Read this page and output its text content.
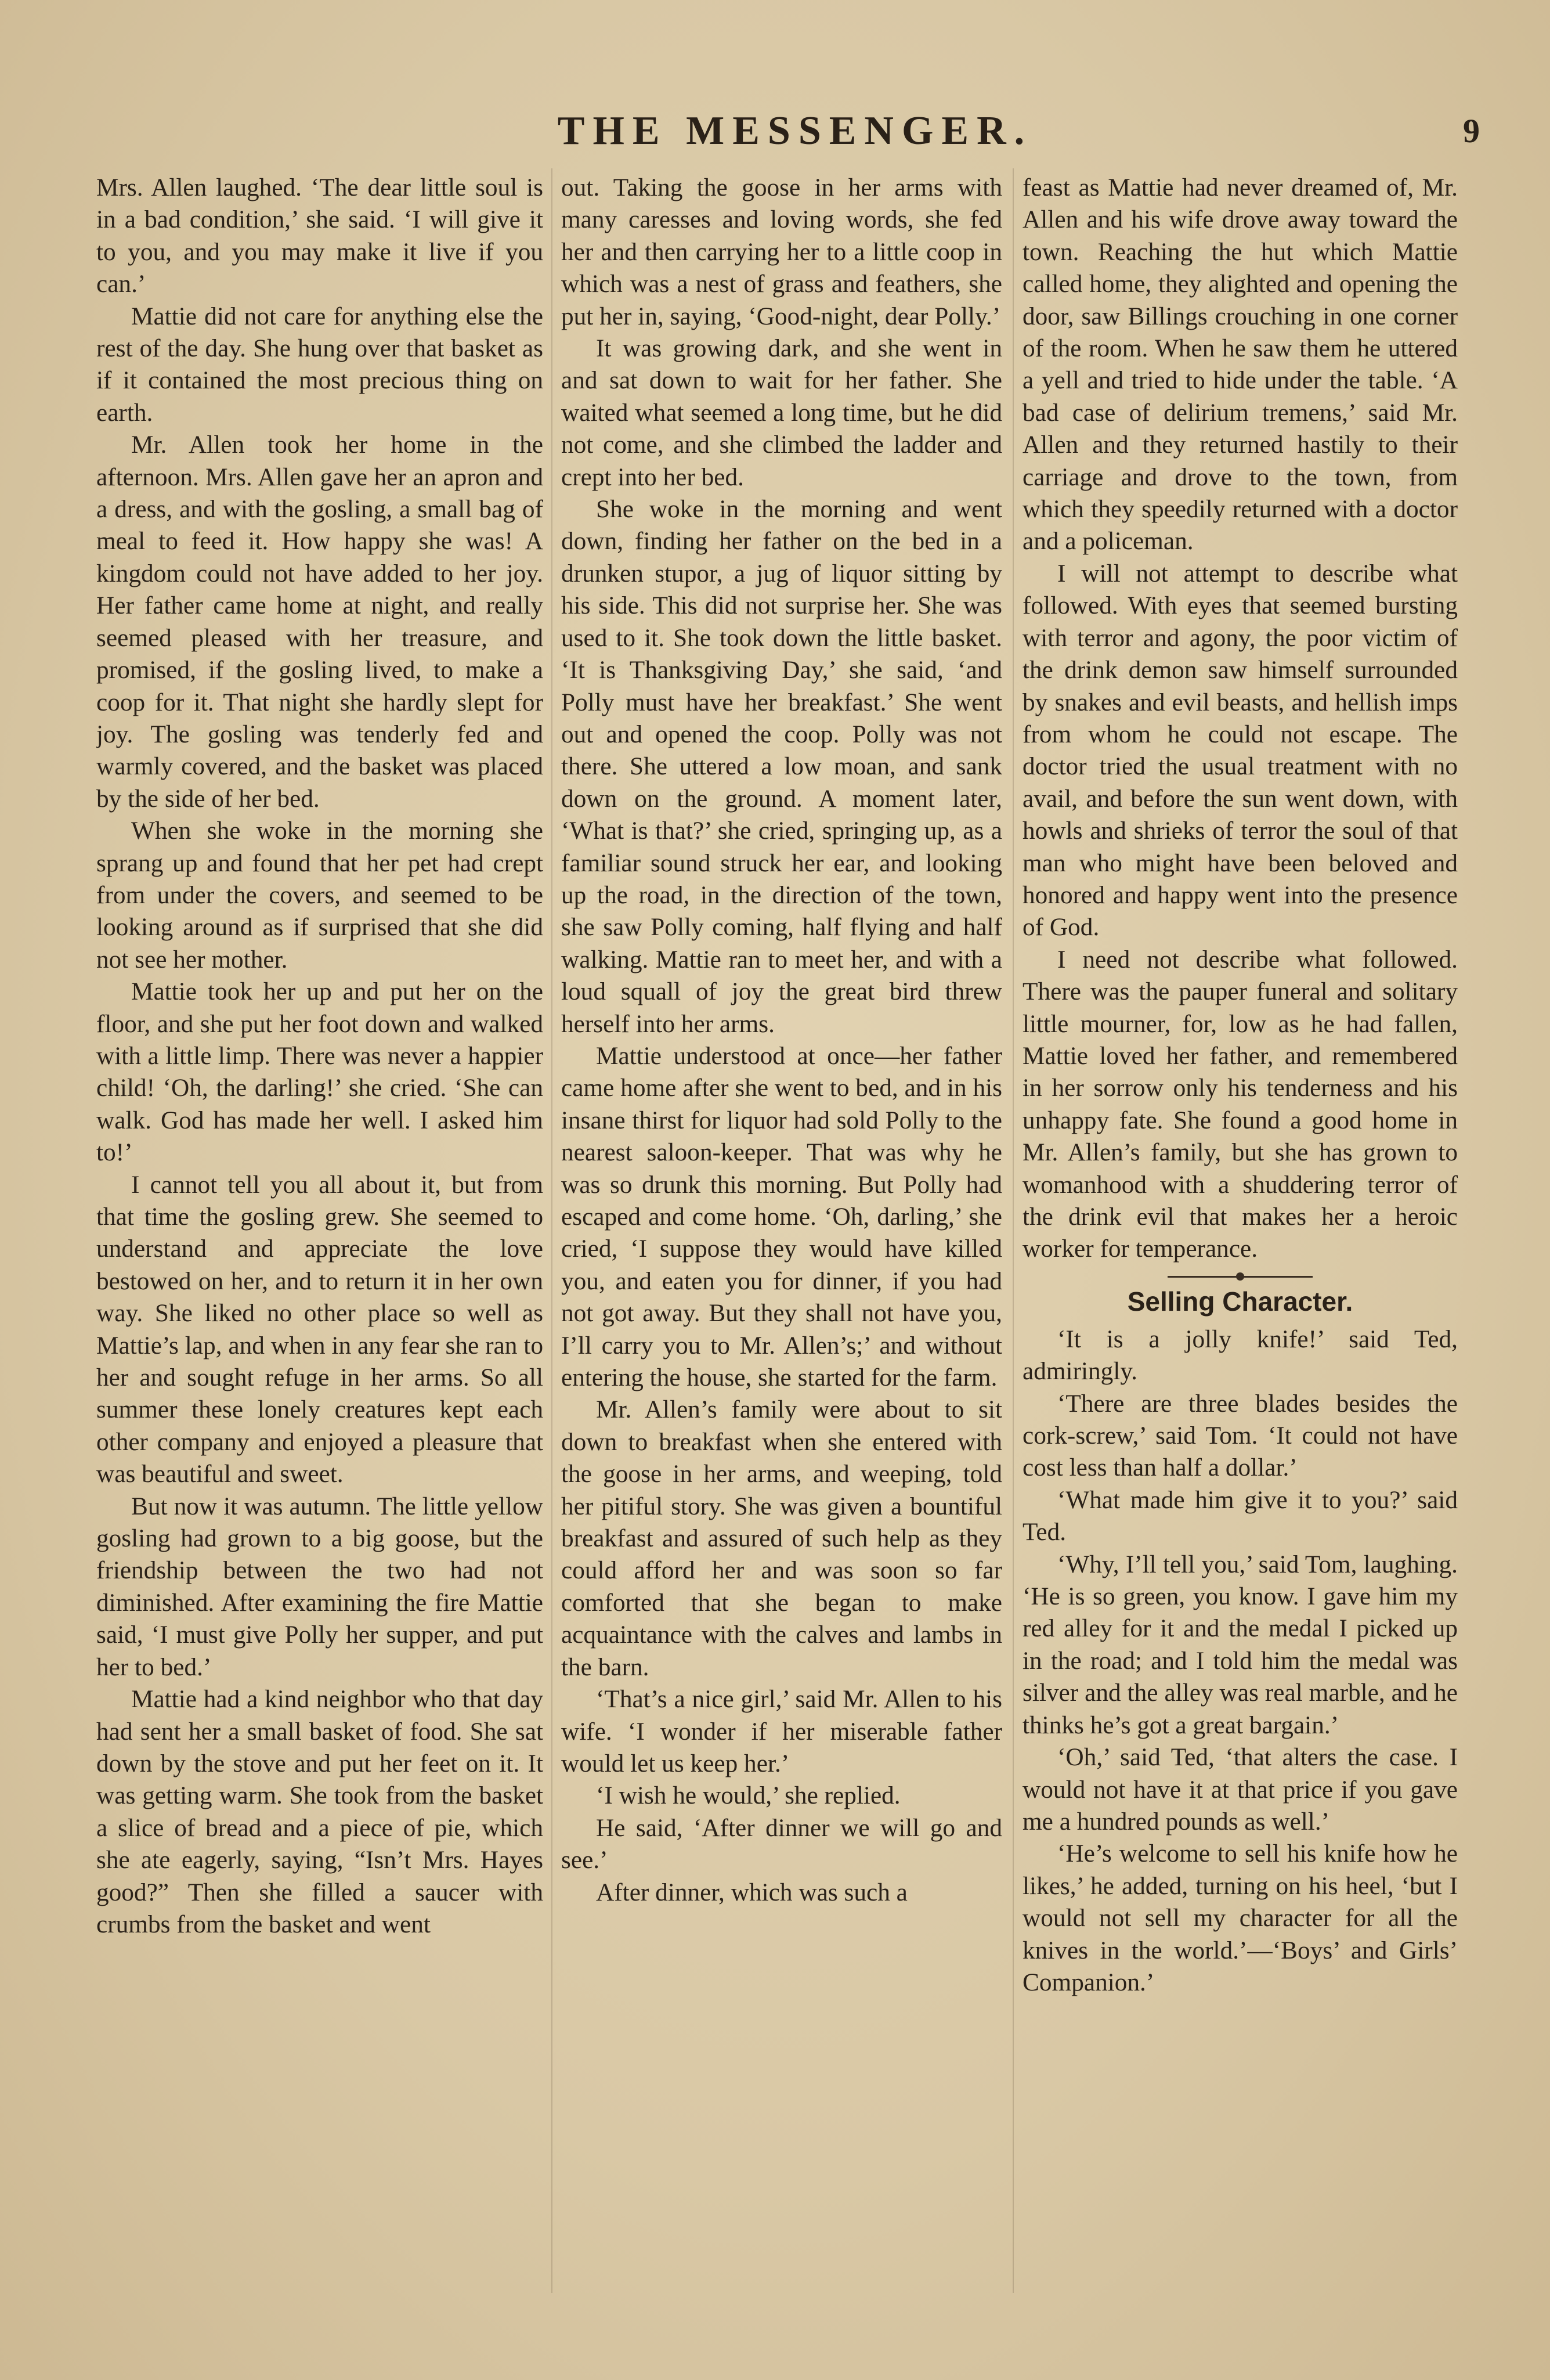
THE MESSENGER.	9

Mrs. Allen laughed. ‘The dear little soul is in a bad condition,’ she said. ‘I will give it to you, and you may make it live if you can.’

Mattie did not care for anything else the rest of the day. She hung over that basket as if it contained the most precious thing on earth.

Mr. Allen took her home in the afternoon. Mrs. Allen gave her an apron and a dress, and with the gosling, a small bag of meal to feed it. How happy she was! A kingdom could not have added to her joy. Her father came home at night, and really seemed pleased with her treasure, and promised, if the gosling lived, to make a coop for it. That night she hardly slept for joy. The gosling was tenderly fed and warmly covered, and the basket was placed by the side of her bed.

When she woke in the morning she sprang up and found that her pet had crept from under the covers, and seemed to be looking around as if surprised that she did not see her mother.

Mattie took her up and put her on the floor, and she put her foot down and walked with a little limp. There was never a happier child! ‘Oh, the darling!’ she cried. ‘She can walk. God has made her well. I asked him to!’

I cannot tell you all about it, but from that time the gosling grew. She seemed to understand and appreciate the love bestowed on her, and to return it in her own way. She liked no other place so well as Mattie’s lap, and when in any fear she ran to her and sought refuge in her arms. So all summer these lonely creatures kept each other company and enjoyed a pleasure that was beautiful and sweet.

But now it was autumn. The little yellow gosling had grown to a big goose, but the friendship between the two had not diminished. After examining the fire Mattie said, ‘I must give Polly her supper, and put her to bed.’

Mattie had a kind neighbor who that day had sent her a small basket of food. She sat down by the stove and put her feet on it. It was getting warm. She took from the basket a slice of bread and a piece of pie, which she ate eagerly, saying, “Isn’t Mrs. Hayes good?” Then she filled a saucer with crumbs from the basket and went

out. Taking the goose in her arms with many caresses and loving words, she fed her and then carrying her to a little coop in which was a nest of grass and feathers, she put her in, saying, ‘Good-night, dear Polly.’

It was growing dark, and she went in and sat down to wait for her father. She waited what seemed a long time, but he did not come, and she climbed the ladder and crept into her bed.

She woke in the morning and went down, finding her father on the bed in a drunken stupor, a jug of liquor sitting by his side. This did not surprise her. She was used to it. She took down the little basket. ‘It is Thanksgiving Day,’ she said, ‘and Polly must have her breakfast.’ She went out and opened the coop. Polly was not there. She uttered a low moan, and sank down on the ground. A moment later, ‘What is that?’ she cried, springing up, as a familiar sound struck her ear, and looking up the road, in the direction of the town, she saw Polly coming, half flying and half walking. Mattie ran to meet her, and with a loud squall of joy the great bird threw herself into her arms.

Mattie understood at once—her father came home after she went to bed, and in his insane thirst for liquor had sold Polly to the nearest saloon-keeper. That was why he was so drunk this morning. But Polly had escaped and come home. ‘Oh, darling,’ she cried, ‘I suppose they would have killed you, and eaten you for dinner, if you had not got away. But they shall not have you, I’ll carry you to Mr. Allen’s;’ and without entering the house, she started for the farm.

Mr. Allen’s family were about to sit down to breakfast when she entered with the goose in her arms, and weeping, told her pitiful story. She was given a bountiful breakfast and assured of such help as they could afford her and was soon so far comforted that she began to make acquaintance with the calves and lambs in the barn.

‘That’s a nice girl,’ said Mr. Allen to his wife. ‘I wonder if her miserable father would let us keep her.’

‘I wish he would,’ she replied.

He said, ‘After dinner we will go and see.’

After dinner, which was such a

feast as Mattie had never dreamed of, Mr. Allen and his wife drove away toward the town. Reaching the hut which Mattie called home, they alighted and opening the door, saw Billings crouching in one corner of the room. When he saw them he uttered a yell and tried to hide under the table. ‘A bad case of delirium tremens,’ said Mr. Allen and they returned hastily to their carriage and drove to the town, from which they speedily returned with a doctor and a policeman.

I will not attempt to describe what followed. With eyes that seemed bursting with terror and agony, the poor victim of the drink demon saw himself surrounded by snakes and evil beasts, and hellish imps from whom he could not escape. The doctor tried the usual treatment with no avail, and before the sun went down, with howls and shrieks of terror the soul of that man who might have been beloved and honored and happy went into the presence of God.

I need not describe what followed. There was the pauper funeral and solitary little mourner, for, low as he had fallen, Mattie loved her father, and remembered in her sorrow only his tenderness and his unhappy fate. She found a good home in Mr. Allen’s family, but she has grown to womanhood with a shuddering terror of the drink evil that makes her a heroic worker for temperance.

Selling Character.

‘It is a jolly knife!’ said Ted, admiringly.

‘There are three blades besides the cork-screw,’ said Tom. ‘It could not have cost less than half a dollar.’

‘What made him give it to you?’ said Ted.

‘Why, I’ll tell you,’ said Tom, laughing. ‘He is so green, you know. I gave him my red alley for it and the medal I picked up in the road; and I told him the medal was silver and the alley was real marble, and he thinks he’s got a great bargain.’

‘Oh,’ said Ted, ‘that alters the case. I would not have it at that price if you gave me a hundred pounds as well.’

‘He’s welcome to sell his knife how he likes,’ he added, turning on his heel, ‘but I would not sell my character for all the knives in the world.’—‘Boys’ and Girls’ Companion.’
